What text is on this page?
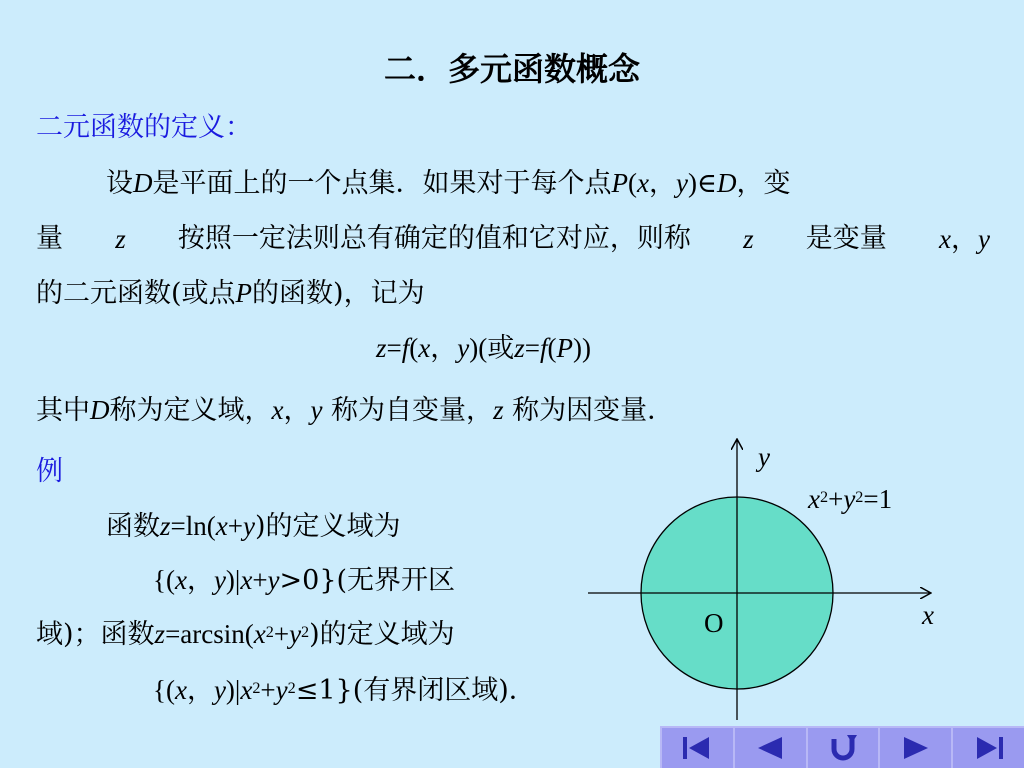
二．多元函数概念
二元函数的定义：
设D是平面上的一个点集．如果对于每个点P(x，y)∈D，变
量 z 按照一定法则总有确定的值和它对应，则称 z 是变量 x，y
的二元函数(或点P的函数)，记为
z=f(x，y)(或z=f(P))
其中D称为定义域，x，y 称为自变量，z 称为因变量．
例
函数z=ln(x+y)的定义域为
{(x，y)|x+y>0}(无界开区
域)；函数$z=\arcsin(x^2+y^2)$的定义域为
{(x，$y)|x^2+y^2\le 1$}(有界闭区域)．
y
x
O
$x^2+y^2=1$
